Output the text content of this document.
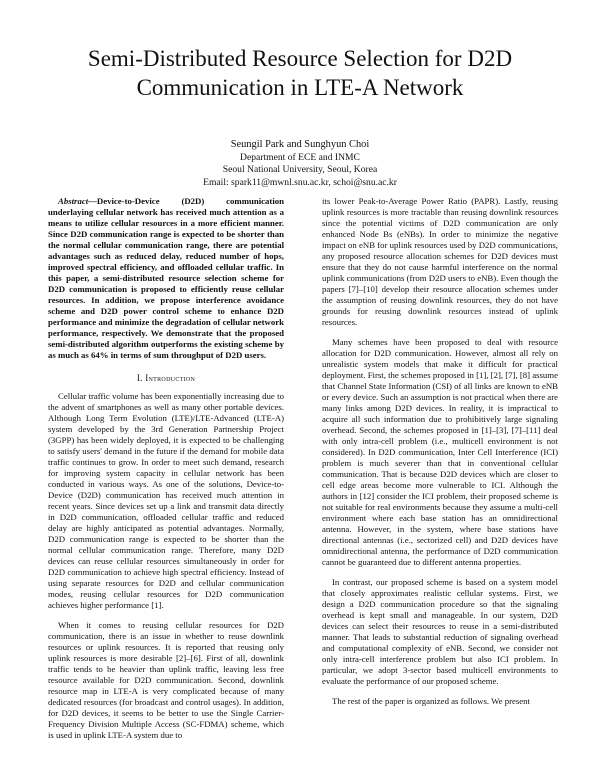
Semi-Distributed Resource Selection for D2D
Communication in LTE-A Network
Seungil Park and Sunghyun Choi
Department of ECE and INMC
Seoul National University, Seoul, Korea
Email: spark11@mwnl.snu.ac.kr, schoi@snu.ac.kr

Abstract—Device-to-Device (D2D) communication underlaying cellular network has received much attention as a means to utilize cellular resources in a more efficient manner. Since D2D communication range is expected to be shorter than the normal cellular communication range, there are potential advantages such as reduced delay, reduced number of hops, improved spectral efficiency, and offloaded cellular traffic. In this paper, a semi-distributed resource selection scheme for D2D communication is proposed to efficiently reuse cellular resources. In addition, we propose interference avoidance scheme and D2D power control scheme to enhance D2D performance and minimize the degradation of cellular network performance, respectively. We demonstrate that the proposed semi-distributed algorithm outperforms the existing scheme by as much as 64% in terms of sum throughput of D2D users.

I. Introduction

Cellular traffic volume has been exponentially increasing due to the advent of smartphones as well as many other portable devices. Although Long Term Evolution (LTE)/LTE-Advanced (LTE-A) system developed by the 3rd Generation Partnership Project (3GPP) has been widely deployed, it is expected to be challenging to satisfy users' demand in the future if the demand for mobile data traffic continues to grow. In order to meet such demand, research for improving system capacity in cellular network has been conducted in various ways. As one of the solutions, Device-to-Device (D2D) communication has received much attention in recent years. Since devices set up a link and transmit data directly in D2D communication, offloaded cellular traffic and reduced delay are highly anticipated as potential advantages. Normally, D2D communication range is expected to be shorter than the normal cellular communication range. Therefore, many D2D devices can reuse cellular resources simultaneously in order for D2D communication to achieve high spectral efficiency. Instead of using separate resources for D2D and cellular communication modes, reusing cellular resources for D2D communication achieves higher performance [1].

When it comes to reusing cellular resources for D2D communication, there is an issue in whether to reuse downlink resources or uplink resources. It is reported that reusing only uplink resources is more desirable [2]–[6]. First of all, downlink traffic tends to be heavier than uplink traffic, leaving less free resource available for D2D communication. Second, downlink resource map in LTE-A is very complicated because of many dedicated resources (for broadcast and control usages). In addition, for D2D devices, it seems to be better to use the Single Carrier-Frequency Division Multiple Access (SC-FDMA) scheme, which is used in uplink LTE-A system due to

its lower Peak-to-Average Power Ratio (PAPR). Lastly, reusing uplink resources is more tractable than reusing downlink resources since the potential victims of D2D communication are only enhanced Node Bs (eNBs). In order to minimize the negative impact on eNB for uplink resources used by D2D communications, any proposed resource allocation schemes for D2D devices must ensure that they do not cause harmful interference on the normal uplink communications (from D2D users to eNB). Even though the papers [7]–[10] develop their resource allocation schemes under the assumption of reusing downlink resources, they do not have grounds for reusing downlink resources instead of uplink resources.

Many schemes have been proposed to deal with resource allocation for D2D communication. However, almost all rely on unrealistic system models that make it difficult for practical deployment. First, the schemes proposed in [1], [2], [7], [8] assume that Channel State Information (CSI) of all links are known to eNB or every device. Such an assumption is not practical when there are many links among D2D devices. In reality, it is impractical to acquire all such information due to prohibitively large signaling overhead. Second, the schemes proposed in [1]–[3], [7]–[11] deal with only intra-cell problem (i.e., multicell environment is not considered). In D2D communication, Inter Cell Interference (ICI) problem is much severer than that in conventional cellular communication. That is because D2D devices which are closer to cell edge areas become more vulnerable to ICI. Although the authors in [12] consider the ICI problem, their proposed scheme is not suitable for real environments because they assume a multi-cell environment where each base station has an omnidirectional antenna. However, in the system, where base stations have directional antennas (i.e., sectorized cell) and D2D devices have omnidirectional antenna, the performance of D2D communication cannot be guaranteed due to different antenna properties.

In contrast, our proposed scheme is based on a system model that closely approximates realistic cellular systems. First, we design a D2D communication procedure so that the signaling overhead is kept small and manageable. In our system, D2D devices can select their resources to reuse in a semi-distributed manner. That leads to substantial reduction of signaling overhead and computational complexity of eNB. Second, we consider not only intra-cell interference problem but also ICI problem. In particular, we adopt 3-sector based multicell environments to evaluate the performance of our proposed scheme.

The rest of the paper is organized as follows. We present
